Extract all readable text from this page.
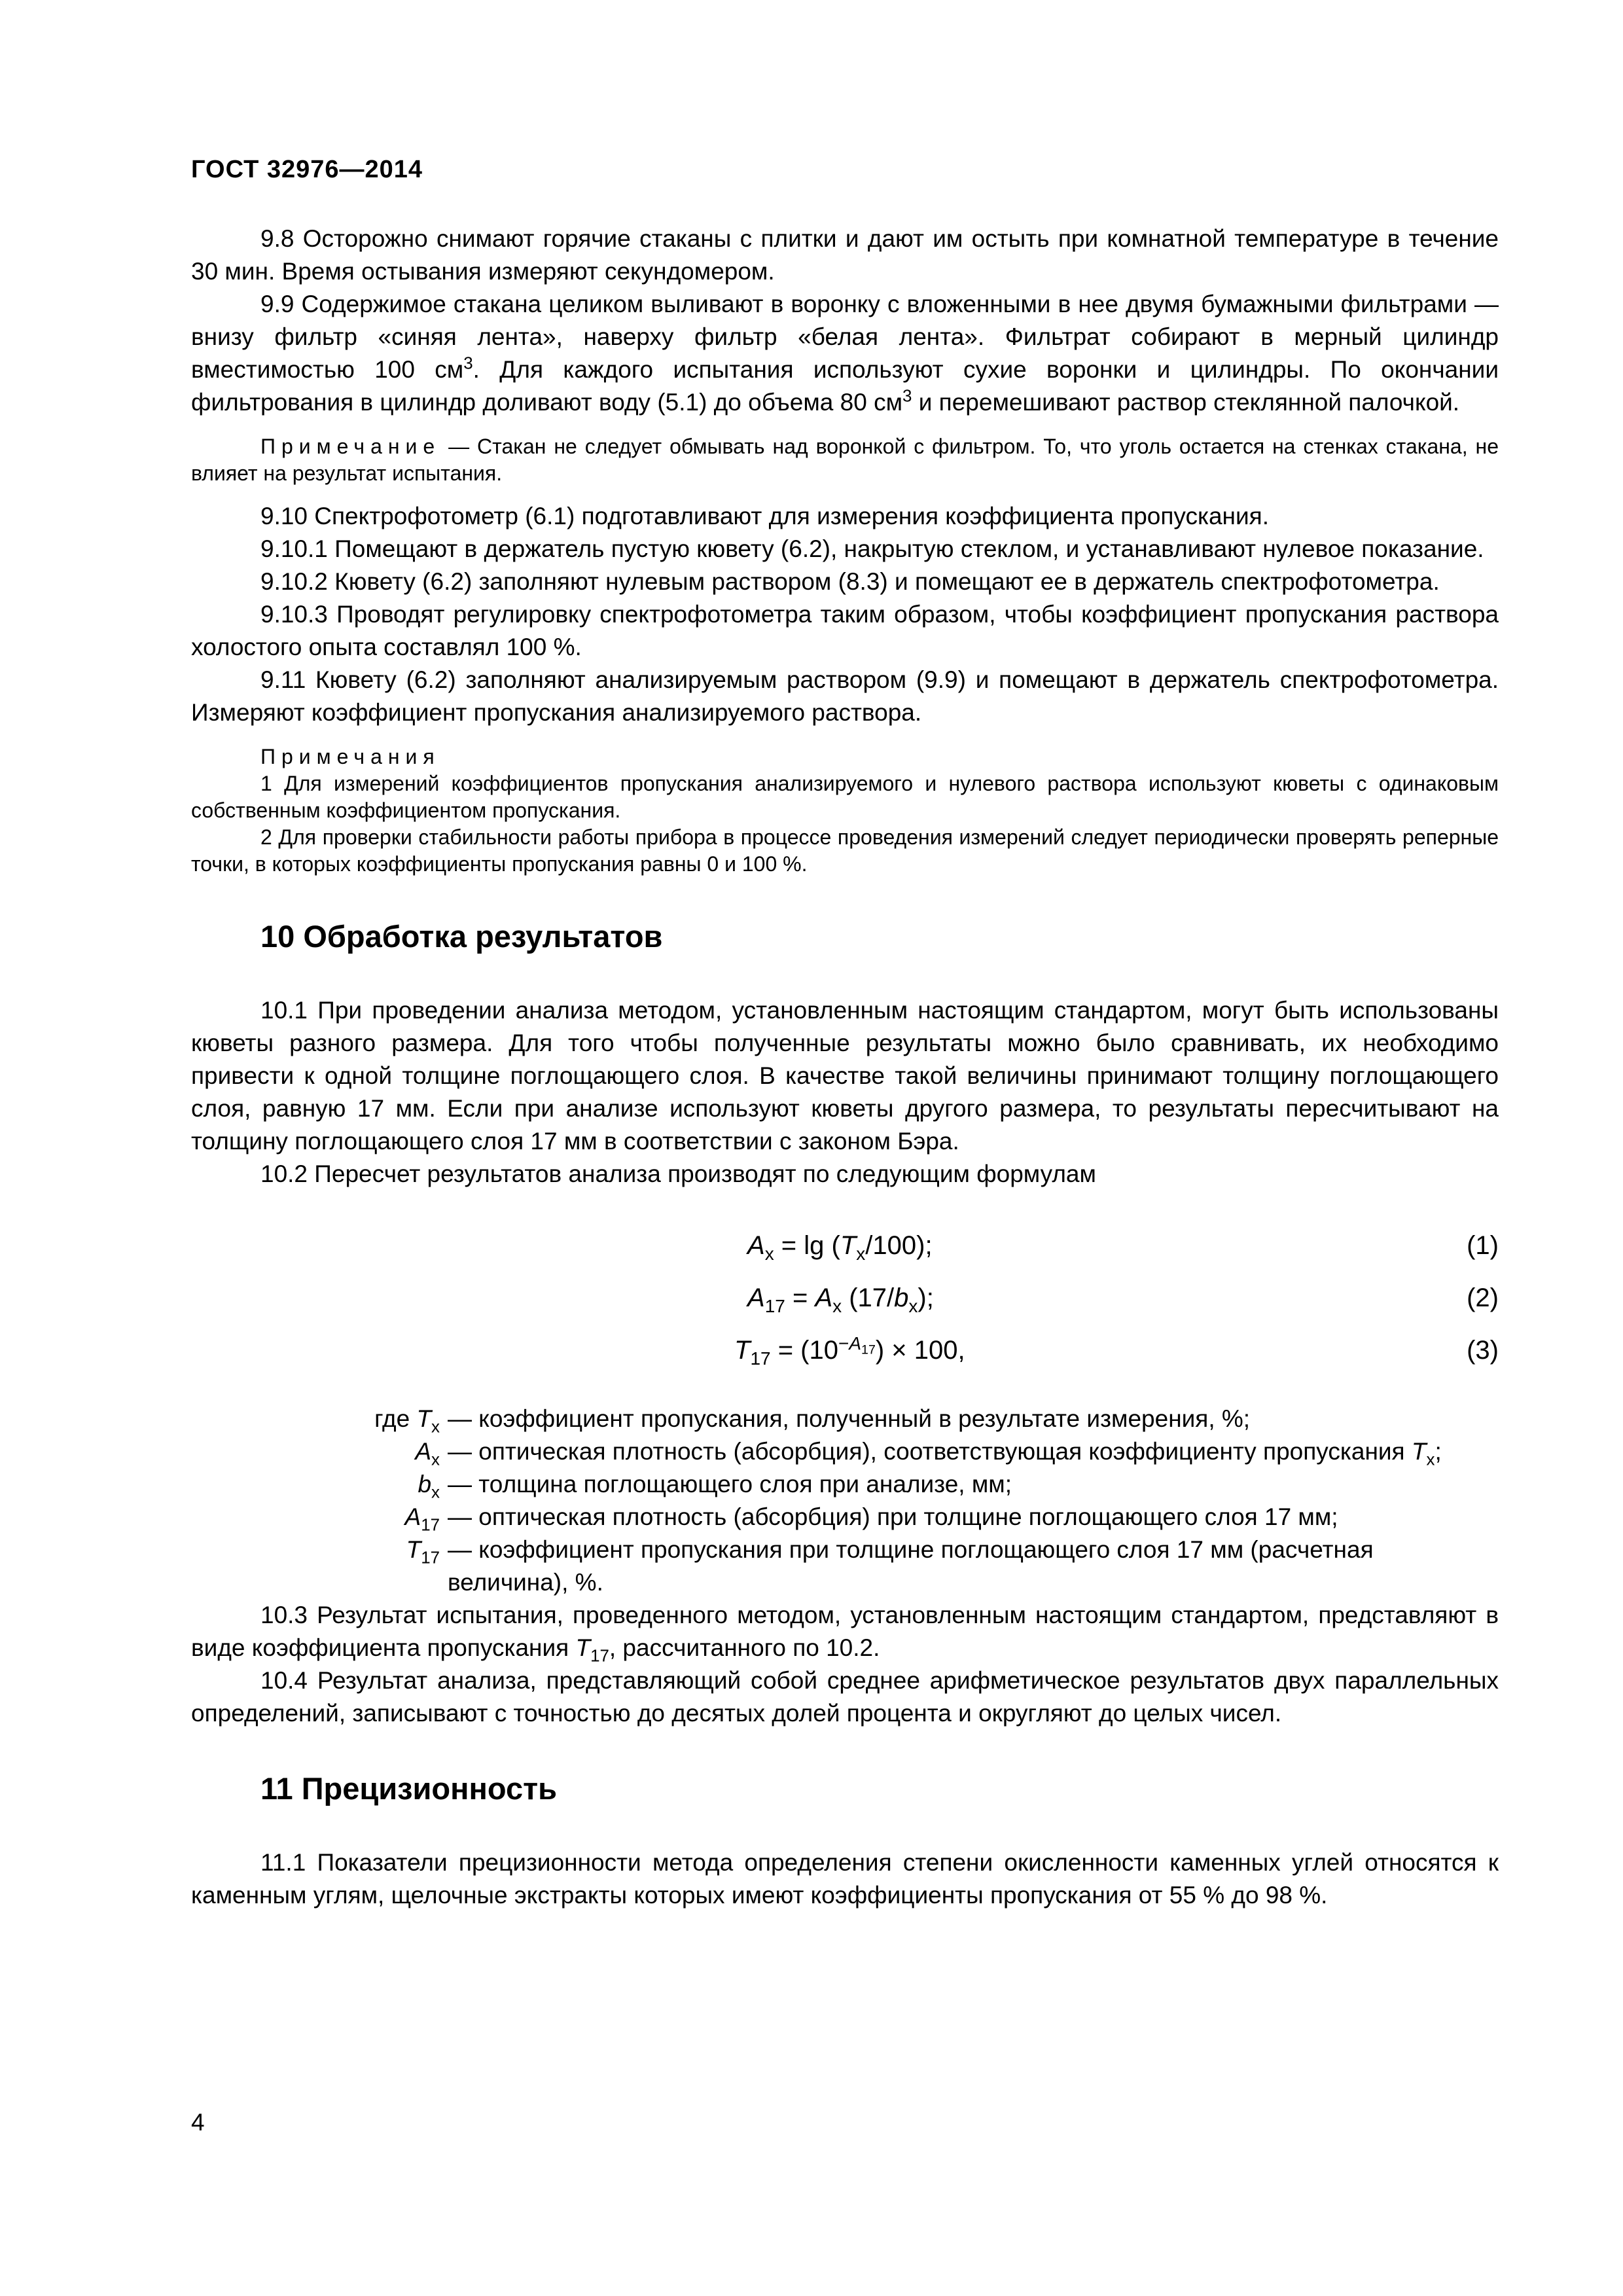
ГОСТ 32976—2014

9.8 Осторожно снимают горячие стаканы с плитки и дают им остыть при комнатной температуре в течение 30 мин. Время остывания измеряют секундомером.

9.9 Содержимое стакана целиком выливают в воронку с вложенными в нее двумя бумажными фильтрами — внизу фильтр «синяя лента», наверху фильтр «белая лента». Фильтрат собирают в мерный цилиндр вместимостью 100 $см^3$. Для каждого испытания используют сухие воронки и цилиндры. По окончании фильтрования в цилиндр доливают воду (5.1) до объема 80 $см^3$ и перемешивают раствор стеклянной палочкой.

Примечание — Стакан не следует обмывать над воронкой с фильтром. То, что уголь остается на стенках стакана, не влияет на результат испытания.

9.10 Спектрофотометр (6.1) подготавливают для измерения коэффициента пропускания.

9.10.1 Помещают в держатель пустую кювету (6.2), накрытую стеклом, и устанавливают нулевое показание.

9.10.2 Кювету (6.2) заполняют нулевым раствором (8.3) и помещают ее в держатель спектрофотометра.

9.10.3 Проводят регулировку спектрофотометра таким образом, чтобы коэффициент пропускания раствора холостого опыта составлял 100 %.

9.11 Кювету (6.2) заполняют анализируемым раствором (9.9) и помещают в держатель спектрофотометра. Измеряют коэффициент пропускания анализируемого раствора.

Примечания

1 Для измерений коэффициентов пропускания анализируемого и нулевого раствора используют кюветы с одинаковым собственным коэффициентом пропускания.

2 Для проверки стабильности работы прибора в процессе проведения измерений следует периодически проверять реперные точки, в которых коэффициенты пропускания равны 0 и 100 %.

10 Обработка результатов

10.1 При проведении анализа методом, установленным настоящим стандартом, могут быть использованы кюветы разного размера. Для того чтобы полученные результаты можно было сравнивать, их необходимо привести к одной толщине поглощающего слоя. В качестве такой величины принимают толщину поглощающего слоя, равную 17 мм. Если при анализе используют кюветы другого размера, то результаты пересчитывают на толщину поглощающего слоя 17 мм в соответствии с законом Бэра.

10.2 Пересчет результатов анализа производят по следующим формулам

$A_x = \lg (T_x/100)$;	(1)
$A_{17} = A_x$ $(17/b_x)$;	(2)
$T_{17} = (10^{-A_{17}}) \times 100$,	(3)
где $T_x$ — коэффициент пропускания, полученный в результате измерения, %;
$A_x$ — оптическая плотность (абсорбция), соответствующая коэффициенту пропускания $T_x$;
$b_x$ — толщина поглощающего слоя при анализе, мм;
$A_{17}$ — оптическая плотность (абсорбция) при толщине поглощающего слоя 17 мм;
$T_{17}$ — коэффициент пропускания при толщине поглощающего слоя 17 мм (расчетная величина), %.

10.3 Результат испытания, проведенного методом, установленным настоящим стандартом, представляют в виде коэффициента пропускания $T_{17}$, рассчитанного по 10.2.

10.4 Результат анализа, представляющий собой среднее арифметическое результатов двух параллельных определений, записывают с точностью до десятых долей процента и округляют до целых чисел.

11 Прецизионность

11.1 Показатели прецизионности метода определения степени окисленности каменных углей относятся к каменным углям, щелочные экстракты которых имеют коэффициенты пропускания от 55 % до 98 %.

4
